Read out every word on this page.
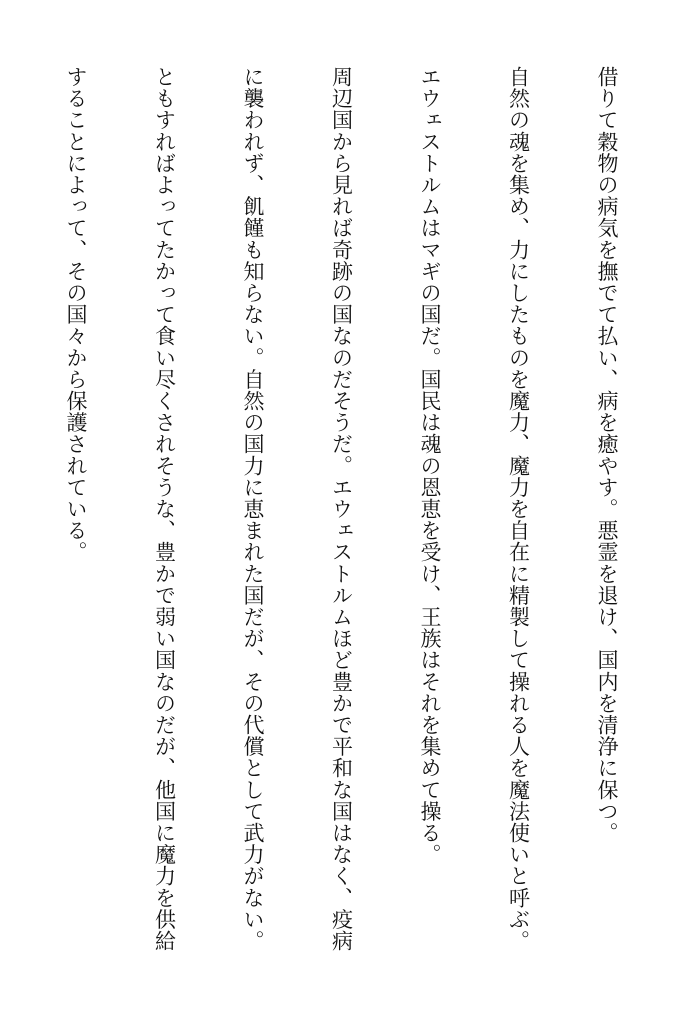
借りて穀物の病気を撫でて払い、病を癒やす。悪霊を退け、国内を清浄に保つ。

自然の魂を集め、力にしたものを魔力、魔力を自在に精製して操れる人を魔法使いと呼ぶ。

エウェストルムはマギの国だ。国民は魂の恩恵を受け、王族はそれを集めて操る。

周辺国から見れば奇跡の国なのだそうだ。エウェストルムほど豊かで平和な国はなく、疫病

に襲われず、飢饉も知らない。自然の国力に恵まれた国だが、その代償として武力がない。

ともすればよってたかって食い尽くされそうな、豊かで弱い国なのだが、他国に魔力を供給

することによって、その国々から保護されている。
